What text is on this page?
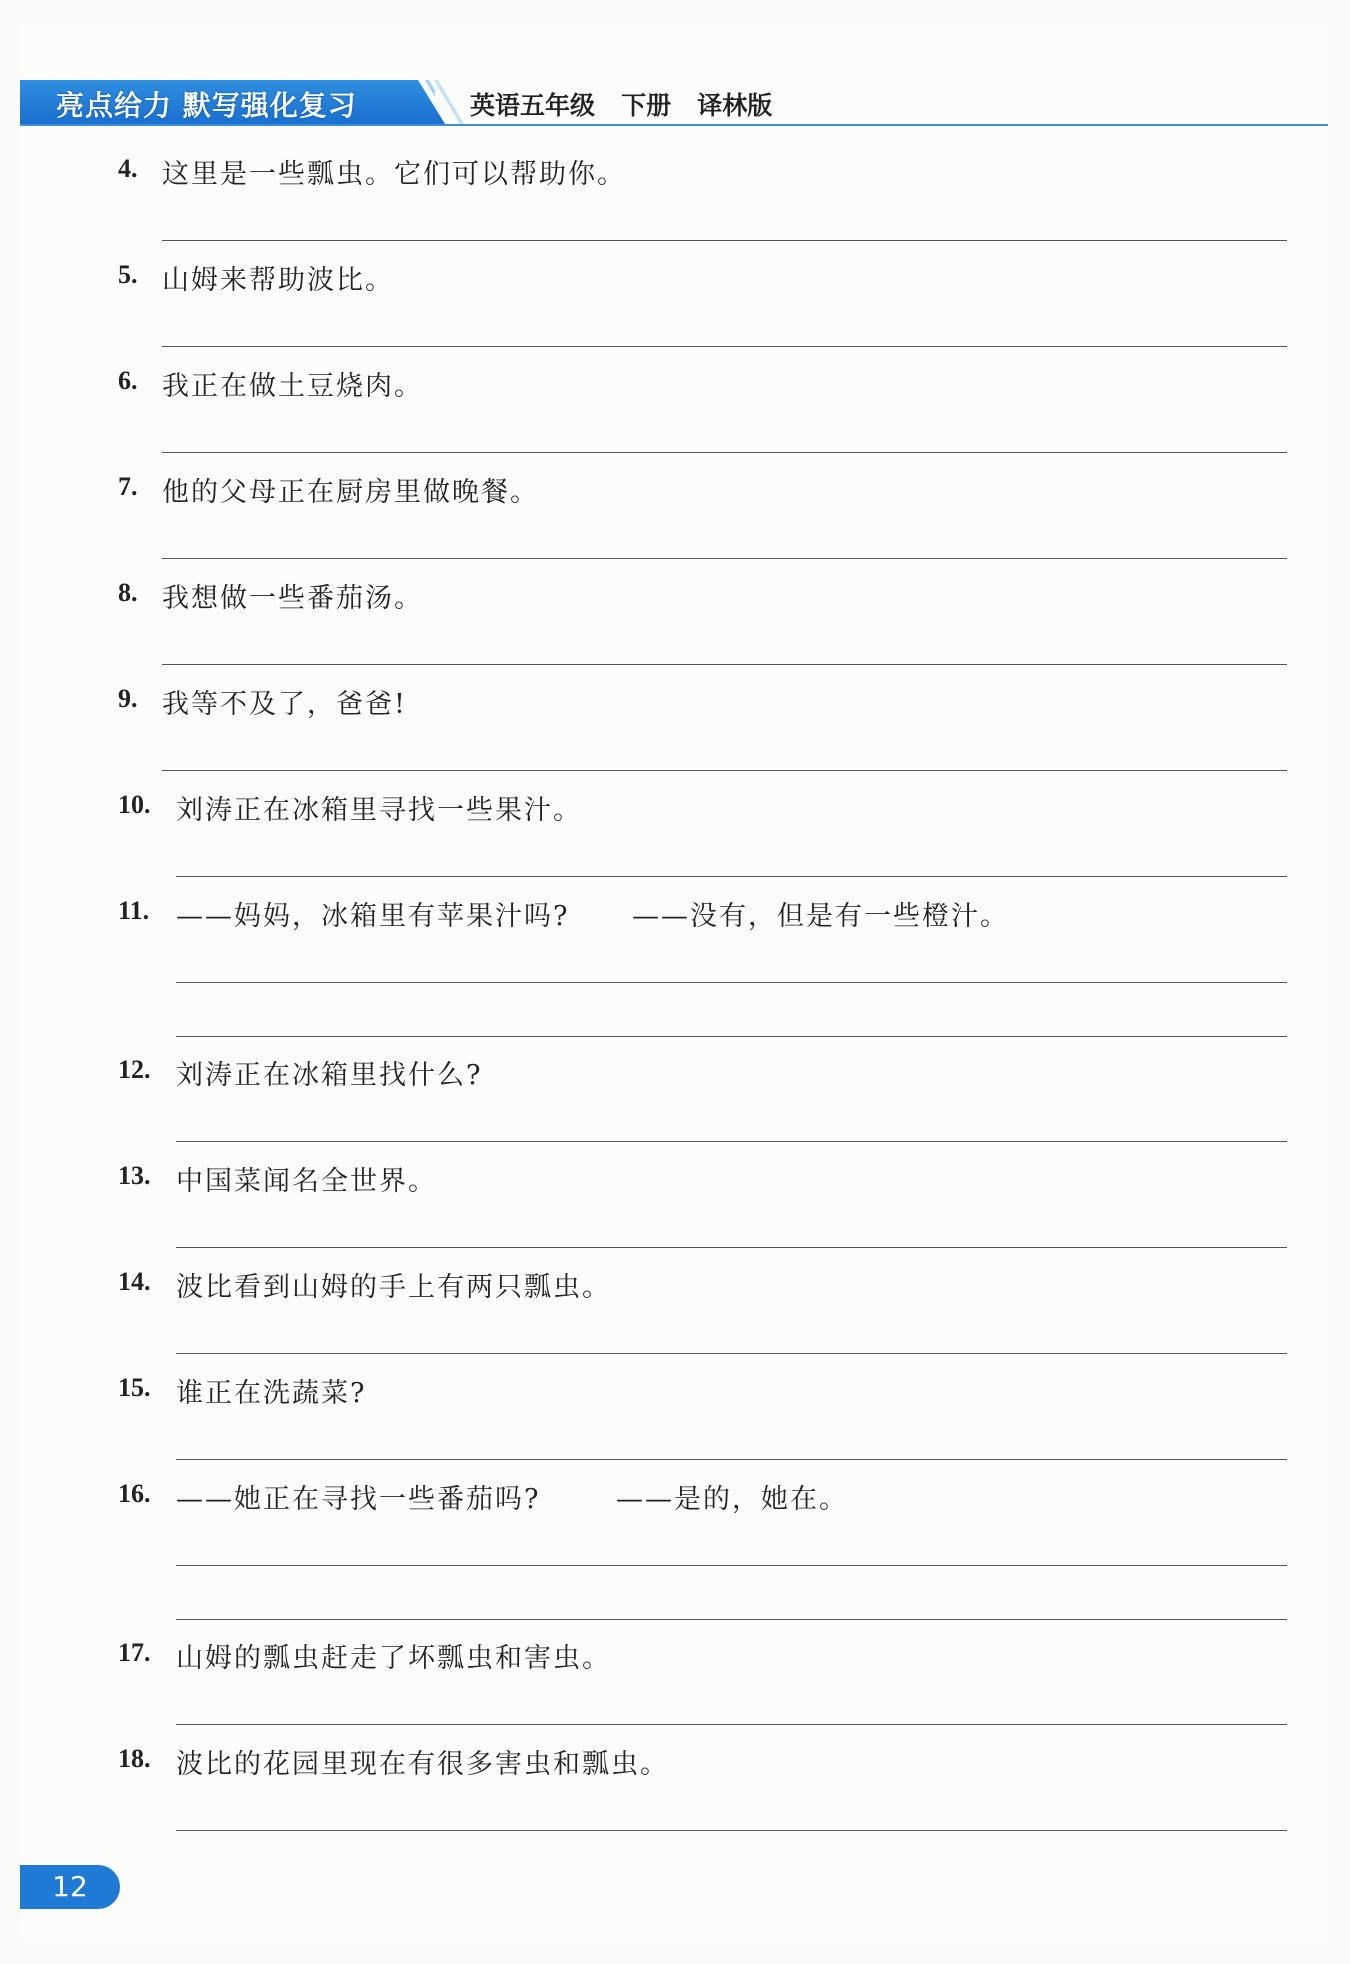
亮点给力 默写强化复习	英语五年级   下册   译林版
4. 这里是一些瓢虫。它们可以帮助你。
5. 山姆来帮助波比。
6. 我正在做土豆烧肉。
7. 他的父母正在厨房里做晚餐。
8. 我想做一些番茄汤。
9. 我等不及了，爸爸!
10. 刘涛正在冰箱里寻找一些果汁。
11. ——妈妈，冰箱里有苹果汁吗? ——没有，但是有一些橙汁。
12. 刘涛正在冰箱里找什么?
13. 中国菜闻名全世界。
14. 波比看到山姆的手上有两只瓢虫。
15. 谁正在洗蔬菜?
16. ——她正在寻找一些番茄吗?	——是的，她在。
17. 山姆的瓢虫赶走了坏瓢虫和害虫。
18. 波比的花园里现在有很多害虫和瓢虫。
12
